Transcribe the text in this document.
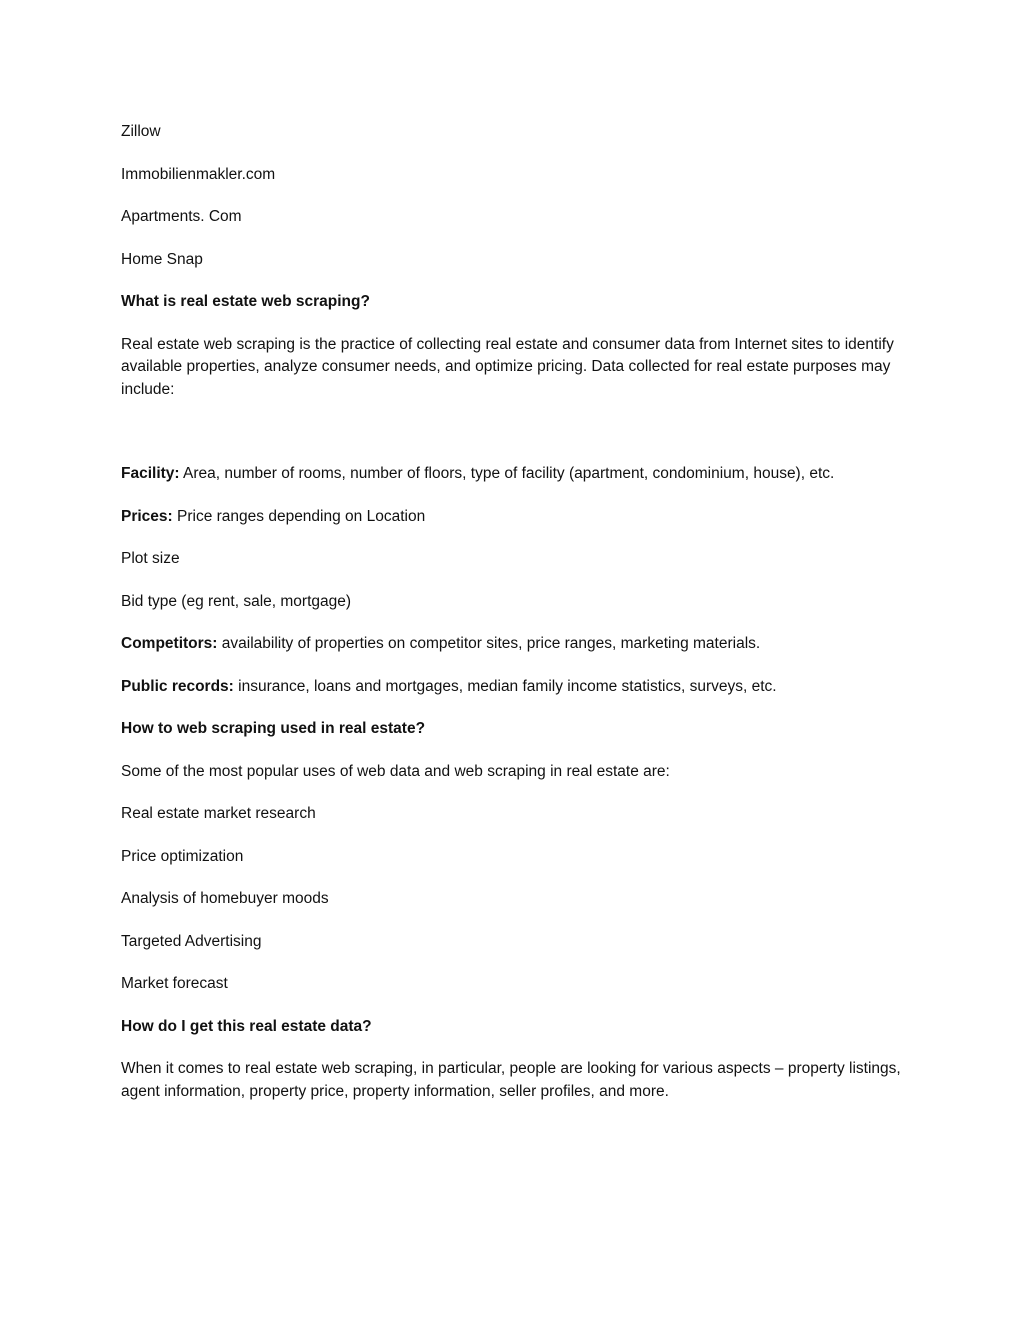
Zillow

Immobilienmakler.com

Apartments. Com

Home Snap

What is real estate web scraping?

Real estate web scraping is the practice of collecting real estate and consumer data from Internet sites to identify available properties, analyze consumer needs, and optimize pricing. Data collected for real estate purposes may include:

Facility: Area, number of rooms, number of floors, type of facility (apartment, condominium, house), etc.

Prices: Price ranges depending on Location

Plot size

Bid type (eg rent, sale, mortgage)

Competitors: availability of properties on competitor sites, price ranges, marketing materials.

Public records: insurance, loans and mortgages, median family income statistics, surveys, etc.

How to web scraping used in real estate?

Some of the most popular uses of web data and web scraping in real estate are:

Real estate market research

Price optimization

Analysis of homebuyer moods

Targeted Advertising

Market forecast

How do I get this real estate data?

When it comes to real estate web scraping, in particular, people are looking for various aspects – property listings, agent information, property price, property information, seller profiles, and more.
